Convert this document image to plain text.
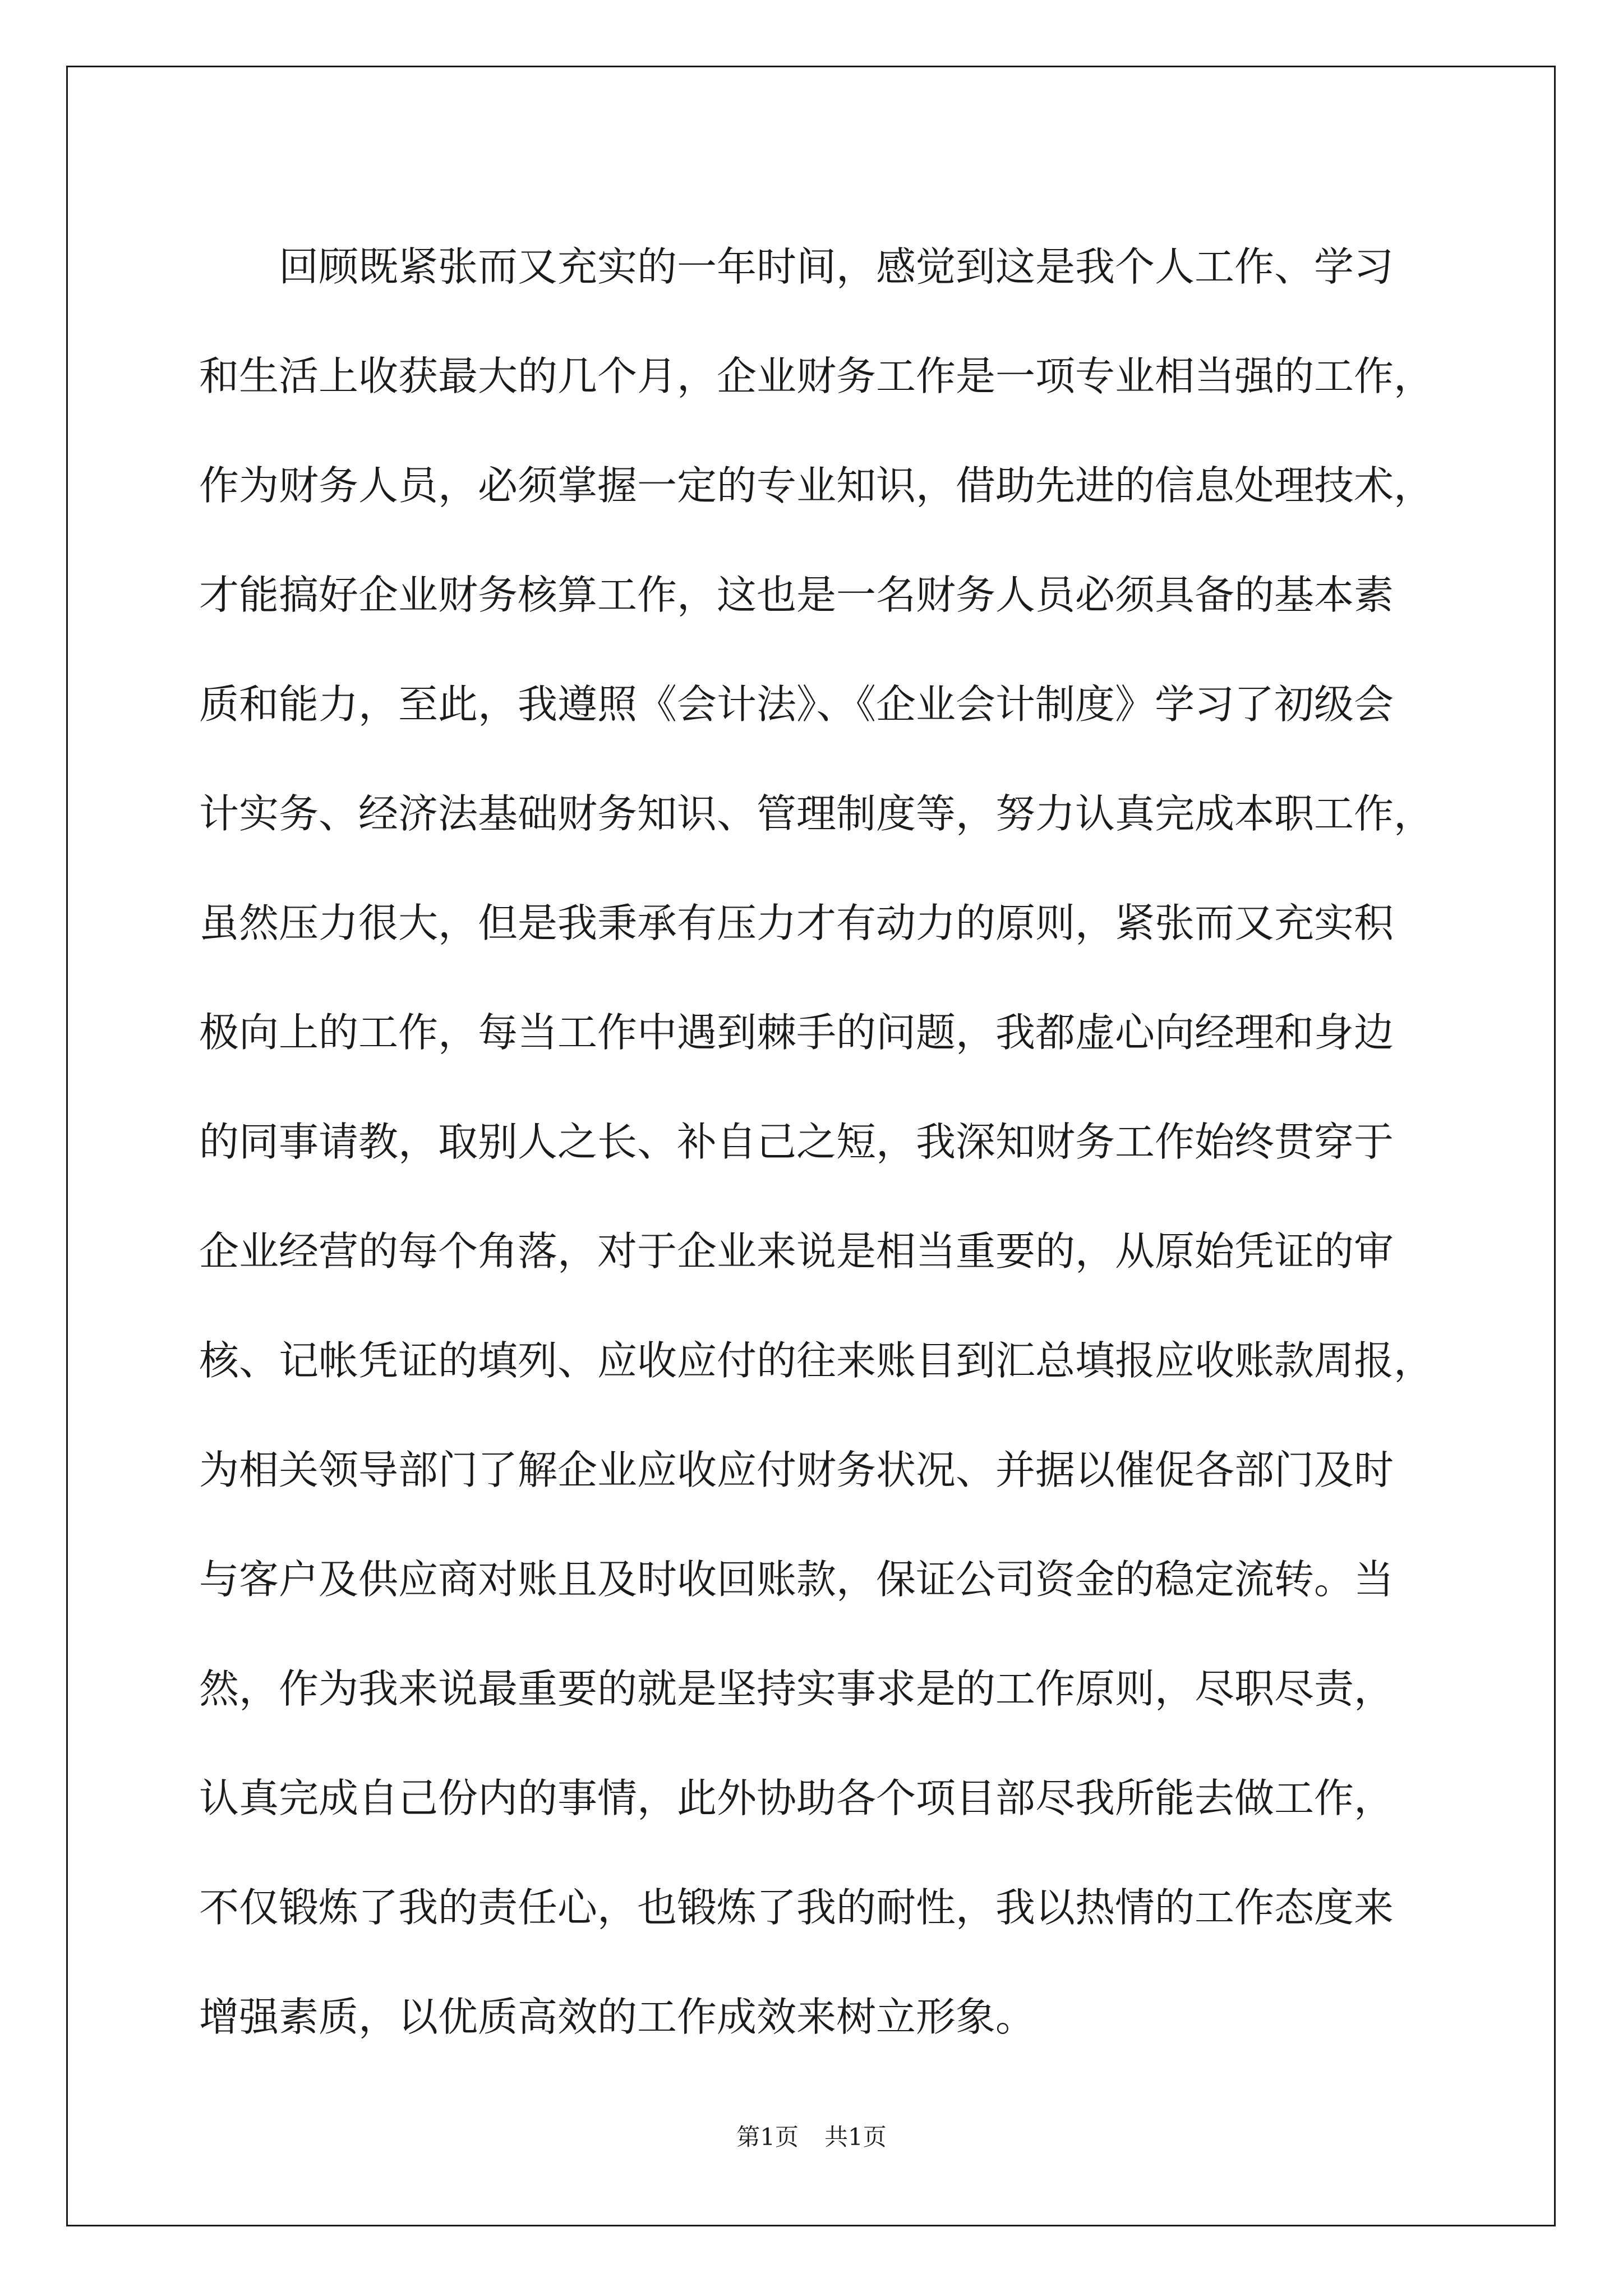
　　回顾既紧张而又充实的一年时间，感觉到这是我个人工作、学习
和生活上收获最大的几个月，企业财务工作是一项专业相当强的工作，
作为财务人员，必须掌握一定的专业知识，借助先进的信息处理技术，
才能搞好企业财务核算工作，这也是一名财务人员必须具备的基本素
质和能力，至此，我遵照《会计法》、《企业会计制度》学习了初级会
计实务、经济法基础财务知识、管理制度等，努力认真完成本职工作，
虽然压力很大，但是我秉承有压力才有动力的原则，紧张而又充实积
极向上的工作，每当工作中遇到棘手的问题，我都虚心向经理和身边
的同事请教，取别人之长、补自己之短，我深知财务工作始终贯穿于
企业经营的每个角落，对于企业来说是相当重要的，从原始凭证的审
核、记帐凭证的填列、应收应付的往来账目到汇总填报应收账款周报，
为相关领导部门了解企业应收应付财务状况、并据以催促各部门及时
与客户及供应商对账且及时收回账款，保证公司资金的稳定流转。当
然，作为我来说最重要的就是坚持实事求是的工作原则，尽职尽责，
认真完成自己份内的事情，此外协助各个项目部尽我所能去做工作，
不仅锻炼了我的责任心，也锻炼了我的耐性，我以热情的工作态度来
增强素质，以优质高效的工作成效来树立形象。
第1页 共1页
